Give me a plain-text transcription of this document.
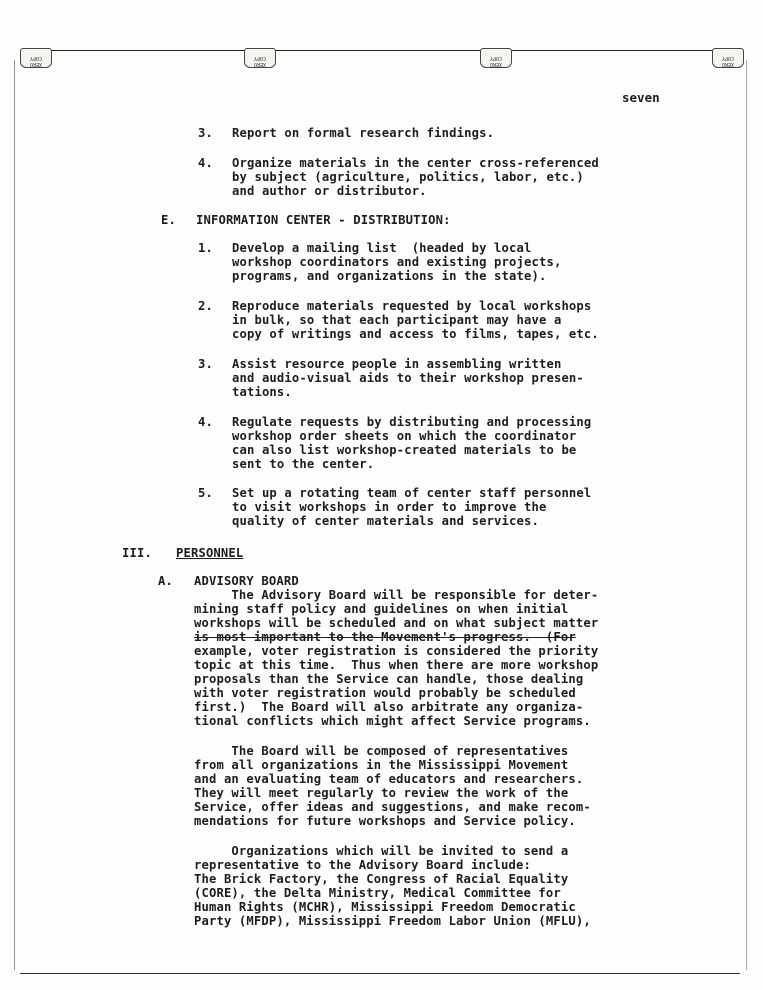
XERO
COPY
XERO
COPY
XERO
COPY
XERO
COPY
seven
3. Report on formal research findings.
4. Organize materials in the center cross-referenced
by subject (agriculture, politics, labor, etc.)
and author or distributor.
E. INFORMATION CENTER - DISTRIBUTION:
1. Develop a mailing list  (headed by local
workshop coordinators and existing projects,
programs, and organizations in the state).
2. Reproduce materials requested by local workshops
in bulk, so that each participant may have a
copy of writings and access to films, tapes, etc.
3. Assist resource people in assembling written
and audio-visual aids to their workshop presen-
tations.
4. Regulate requests by distributing and processing
workshop order sheets on which the coordinator
can also list workshop-created materials to be
sent to the center.
5. Set up a rotating team of center staff personnel
to visit workshops in order to improve the
quality of center materials and services.
III. PERSONNEL
A. ADVISORY BOARD
The Advisory Board will be responsible for deter-
mining staff policy and guidelines on when initial
workshops will be scheduled and on what subject matter
is most important to the Movement's progress.  (For
example, voter registration is considered the priority
topic at this time.  Thus when there are more workshop
proposals than the Service can handle, those dealing
with voter registration would probably be scheduled
first.)  The Board will also arbitrate any organiza-
tional conflicts which might affect Service programs.
The Board will be composed of representatives
from all organizations in the Mississippi Movement
and an evaluating team of educators and researchers.
They will meet regularly to review the work of the
Service, offer ideas and suggestions, and make recom-
mendations for future workshops and Service policy.
Organizations which will be invited to send a
representative to the Advisory Board include:
The Brick Factory, the Congress of Racial Equality
(CORE), the Delta Ministry, Medical Committee for
Human Rights (MCHR), Mississippi Freedom Democratic
Party (MFDP), Mississippi Freedom Labor Union (MFLU),
